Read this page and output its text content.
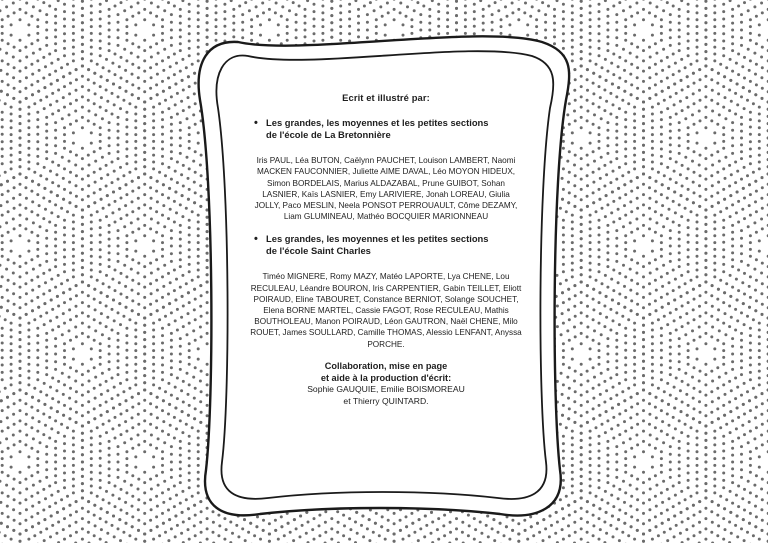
Ecrit et illustré par:
• Les grandes, les moyennes et les petites sections
de l'école de La Bretonnière
Iris PAUL, Léa BUTON, Caëlynn PAUCHET, Louison LAMBERT, Naomi MACKEN FAUCONNIER, Juliette AIME DAVAL, Léo MOYON HIDEUX, Simon BORDELAIS, Marius ALDAZABAL, Prune GUIBOT, Sohan LASNIER, Kaïs LASNIER, Emy LARIVIERE, Jonah LOREAU, Giulia JOLLY, Paco MESLIN, Neela PONSOT PERROUAULT, Côme DEZAMY, Liam GLUMINEAU, Mathéo BOCQUIER MARIONNEAU
• Les grandes, les moyennes et les petites sections
de l'école Saint Charles
Timéo MIGNERE, Romy MAZY, Matéo LAPORTE, Lya CHENE, Lou RECULEAU, Léandre BOURON, Iris CARPENTIER, Gabin TEILLET, Eliott POIRAUD, Eline TABOURET, Constance BERNIOT, Solange SOUCHET, Elena BORNE MARTEL, Cassie FAGOT, Rose RECULEAU, Mathis BOUTHOLEAU, Manon POIRAUD, Léon GAUTRON, Naël CHENE, Milo ROUET, James SOULLARD, Camille THOMAS, Alessio LENFANT, Anyssa PORCHE.
Collaboration, mise en page
et aide à la production d'écrit:
Sophie GAUQUIE, Emilie BOISMOREAU
et Thierry QUINTARD.
